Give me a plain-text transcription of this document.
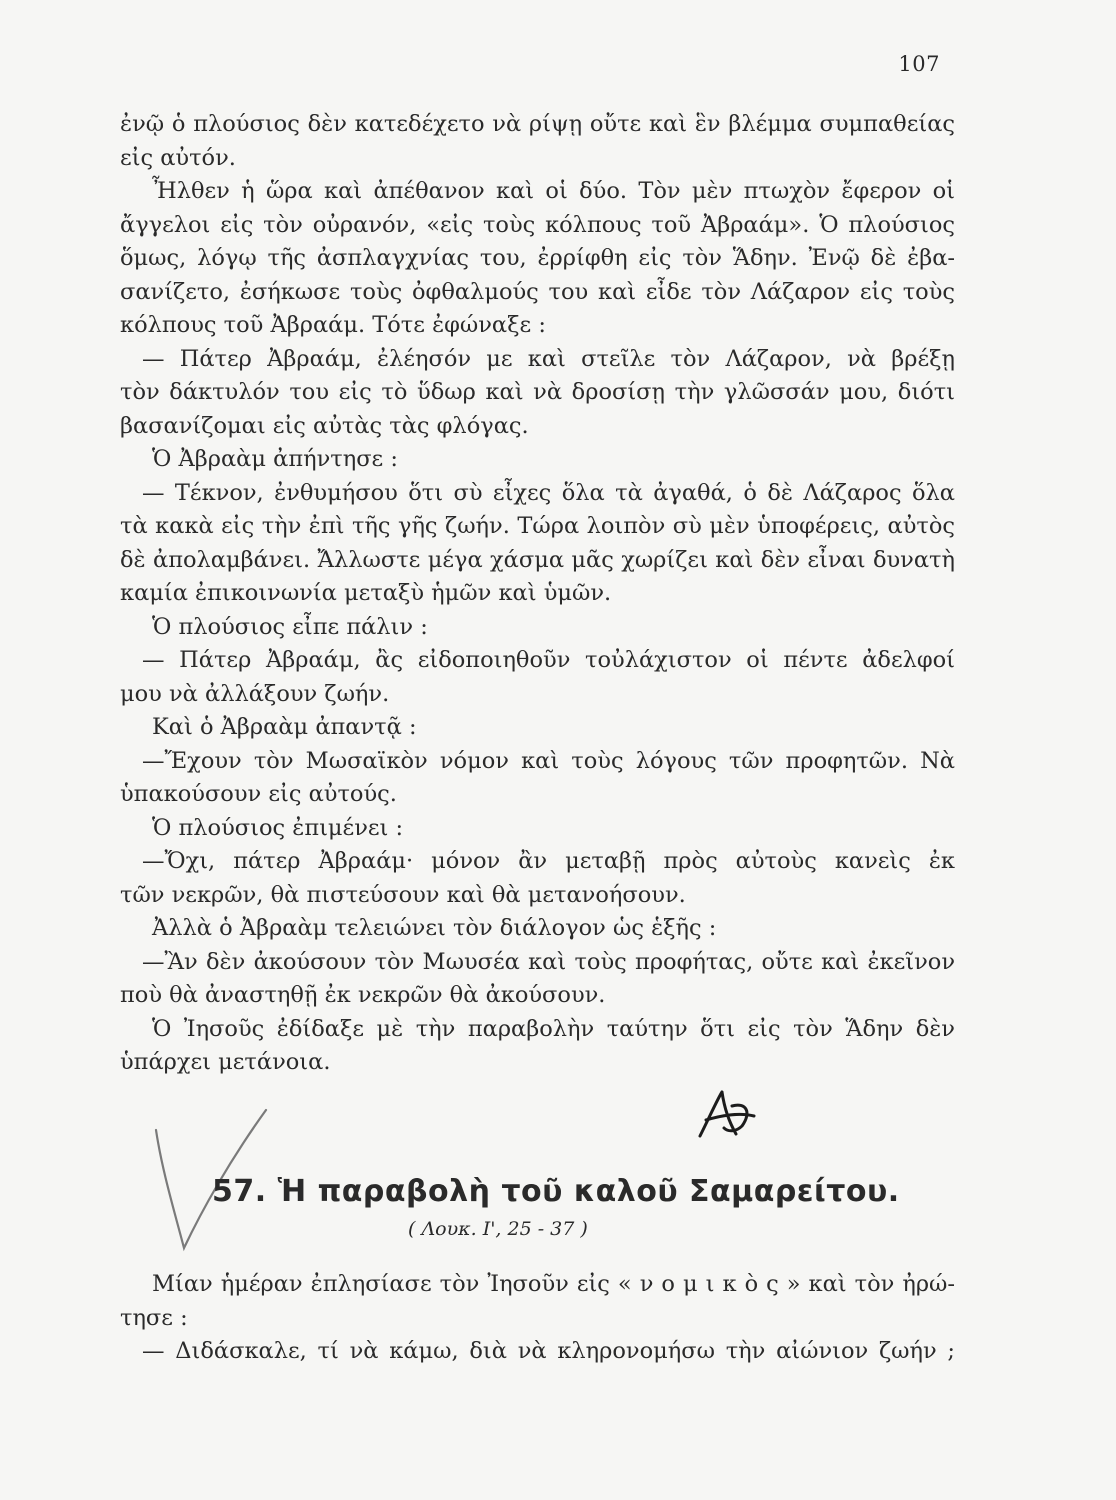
107
ἐνῷ ὁ πλούσιος δὲν κατεδέχετο νὰ ρίψῃ οὔτε καὶ ἓν βλέμμα συμπαθείας
εἰς αὐτόν.
Ἦλθεν ἡ ὥρα καὶ ἀπέθανον καὶ οἱ δύο. Τὸν μὲν πτωχὸν ἔφερον οἱ
ἄγγελοι εἰς τὸν οὐρανόν, «εἰς τοὺς κόλπους τοῦ Ἀβραάμ». Ὁ πλούσιος
ὅμως, λόγῳ τῆς ἀσπλαγχνίας του, ἐρρίφθη εἰς τὸν Ἅδην. Ἐνῷ δὲ ἐβα-
σανίζετο, ἐσήκωσε τοὺς ὀφθαλμούς του καὶ εἶδε τὸν Λάζαρον εἰς τοὺς
κόλπους τοῦ Ἀβραάμ. Τότε ἐφώναξε :
— Πάτερ Ἀβραάμ, ἐλέησόν με καὶ στεῖλε τὸν Λάζαρον, νὰ βρέξῃ
τὸν δάκτυλόν του εἰς τὸ ὕδωρ καὶ νὰ δροσίσῃ τὴν γλῶσσάν μου, διότι
βασανίζομαι εἰς αὐτὰς τὰς φλόγας.
Ὁ Ἀβραὰμ ἀπήντησε :
— Τέκνον, ἐνθυμήσου ὅτι σὺ εἶχες ὅλα τὰ ἀγαθά, ὁ δὲ Λάζαρος ὅλα
τὰ κακὰ εἰς τὴν ἐπὶ τῆς γῆς ζωήν. Τώρα λοιπὸν σὺ μὲν ὑποφέρεις, αὐτὸς
δὲ ἀπολαμβάνει. Ἄλλωστε μέγα χάσμα μᾶς χωρίζει καὶ δὲν εἶναι δυνατὴ
καμία ἐπικοινωνία μεταξὺ ἡμῶν καὶ ὑμῶν.
Ὁ πλούσιος εἶπε πάλιν :
— Πάτερ Ἀβραάμ, ἂς εἰδοποιηθοῦν τοὐλάχιστον οἱ πέντε ἀδελφοί
μου νὰ ἀλλάξουν ζωήν.
Καὶ ὁ Ἀβραὰμ ἀπαντᾷ :
—Ἔχουν τὸν Μωσαϊκὸν νόμον καὶ τοὺς λόγους τῶν προφητῶν. Νὰ
ὑπακούσουν εἰς αὐτούς.
Ὁ πλούσιος ἐπιμένει :
—Ὄχι, πάτερ Ἀβραάμ· μόνον ἂν μεταβῇ πρὸς αὐτοὺς κανεὶς ἐκ
τῶν νεκρῶν, θὰ πιστεύσουν καὶ θὰ μετανοήσουν.
Ἀλλὰ ὁ Ἀβραὰμ τελειώνει τὸν διάλογον ὡς ἑξῆς :
—Ἂν δὲν ἀκούσουν τὸν Μωυσέα καὶ τοὺς προφήτας, οὔτε καὶ ἐκεῖνον
ποὺ θὰ ἀναστηθῇ ἐκ νεκρῶν θὰ ἀκούσουν.
Ὁ Ἰησοῦς ἐδίδαξε μὲ τὴν παραβολὴν ταύτην ὅτι εἰς τὸν Ἅδην δὲν
ὑπάρχει μετάνοια.
57. Ἡ παραβολὴ τοῦ καλοῦ Σαμαρείτου.
( Λουκ. Ι', 25 - 37 )
Μίαν ἡμέραν ἐπλησίασε τὸν Ἰησοῦν εἰς « ν ο μ ι κ ὸ ς » καὶ τὸν ἠρώ-
τησε :
— Διδάσκαλε, τί νὰ κάμω, διὰ νὰ κληρονομήσω τὴν αἰώνιον ζωήν ;
